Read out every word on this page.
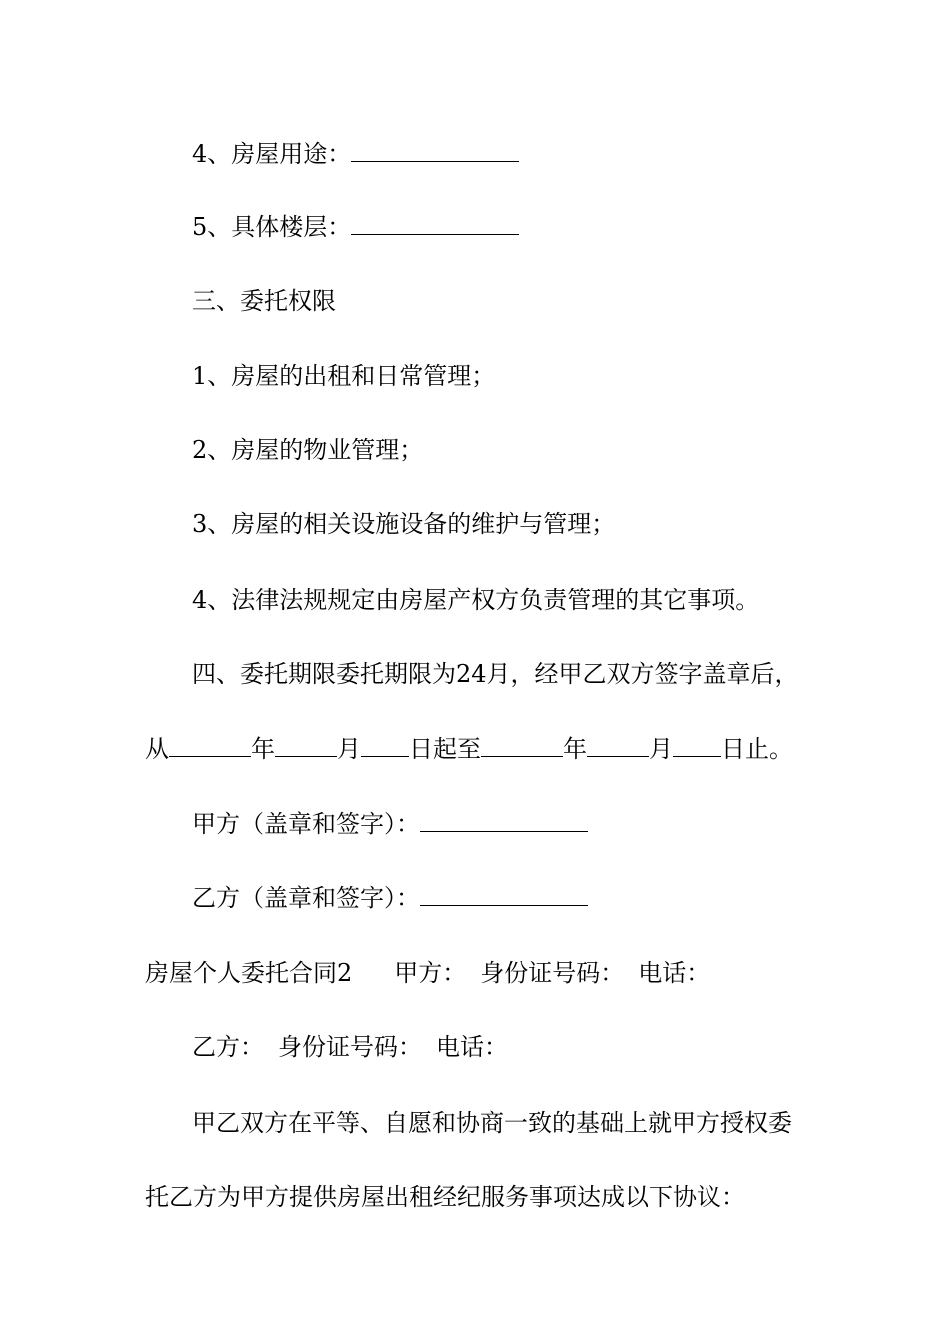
4、房屋用途：
5、具体楼层：
三、委托权限
1、房屋的出租和日常管理；
2、房屋的物业管理；
3、房屋的相关设施设备的维护与管理；
4、法律法规规定由房屋产权方负责管理的其它事项。
四、委托期限委托期限为24月，经甲乙双方签字盖章后，
从	年	月 日起至	年	月 日止。
甲方（盖章和签字）：
乙方（盖章和签字）：
房屋个人委托合同2 甲方： 身份证号码： 电话：
乙方： 身份证号码： 电话：
甲乙双方在平等、自愿和协商一致的基础上就甲方授权委
托乙方为甲方提供房屋出租经纪服务事项达成以下协议：
